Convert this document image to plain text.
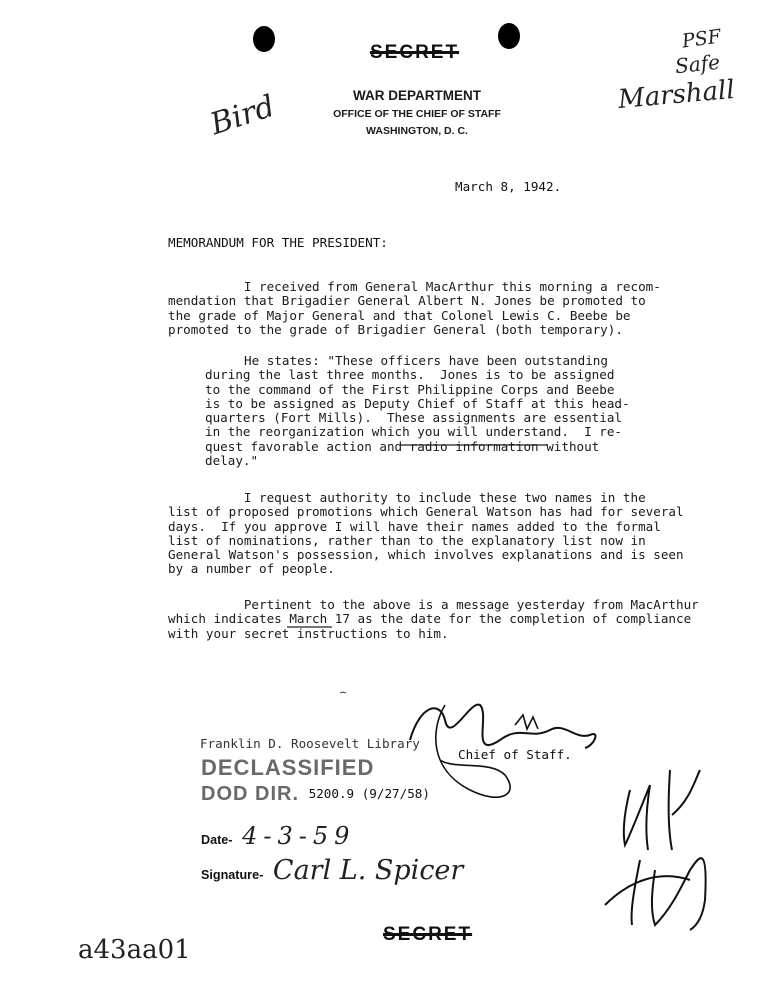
SECRET
WAR DEPARTMENT
OFFICE OF THE CHIEF OF STAFF
WASHINGTON, D. C.
Bird
PSF
Safe
Marshall
March 8, 1942.
MEMORANDUM FOR THE PRESIDENT:
I received from General MacArthur this morning a recom-
mendation that Brigadier General Albert N. Jones be promoted to
the grade of Major General and that Colonel Lewis C. Beebe be
promoted to the grade of Brigadier General (both temporary).
He states: "These officers have been outstanding
during the last three months.  Jones is to be assigned
to the command of the First Philippine Corps and Beebe
is to be assigned as Deputy Chief of Staff at this head-
quarters (Fort Mills).  These assignments are essential
in the reorganization which you will understand.  I re-
quest favorable action and radio information without
delay."
I request authority to include these two names in the
list of proposed promotions which General Watson has had for several
days.  If you approve I will have their names added to the formal
list of nominations, rather than to the explanatory list now in
General Watson's possession, which involves explanations and is seen
by a number of people.
Pertinent to the above is a message yesterday from MacArthur
which indicates March 17 as the date for the completion of compliance
with your secret instructions to him.
Chief of Staff.
Franklin D. Roosevelt Library
DECLASSIFIED
DOD DIR. 5200.9 (9/27/58)
Date- 4-3-59
Signature- Carl L. Spicer
SECRET
a43aa01
